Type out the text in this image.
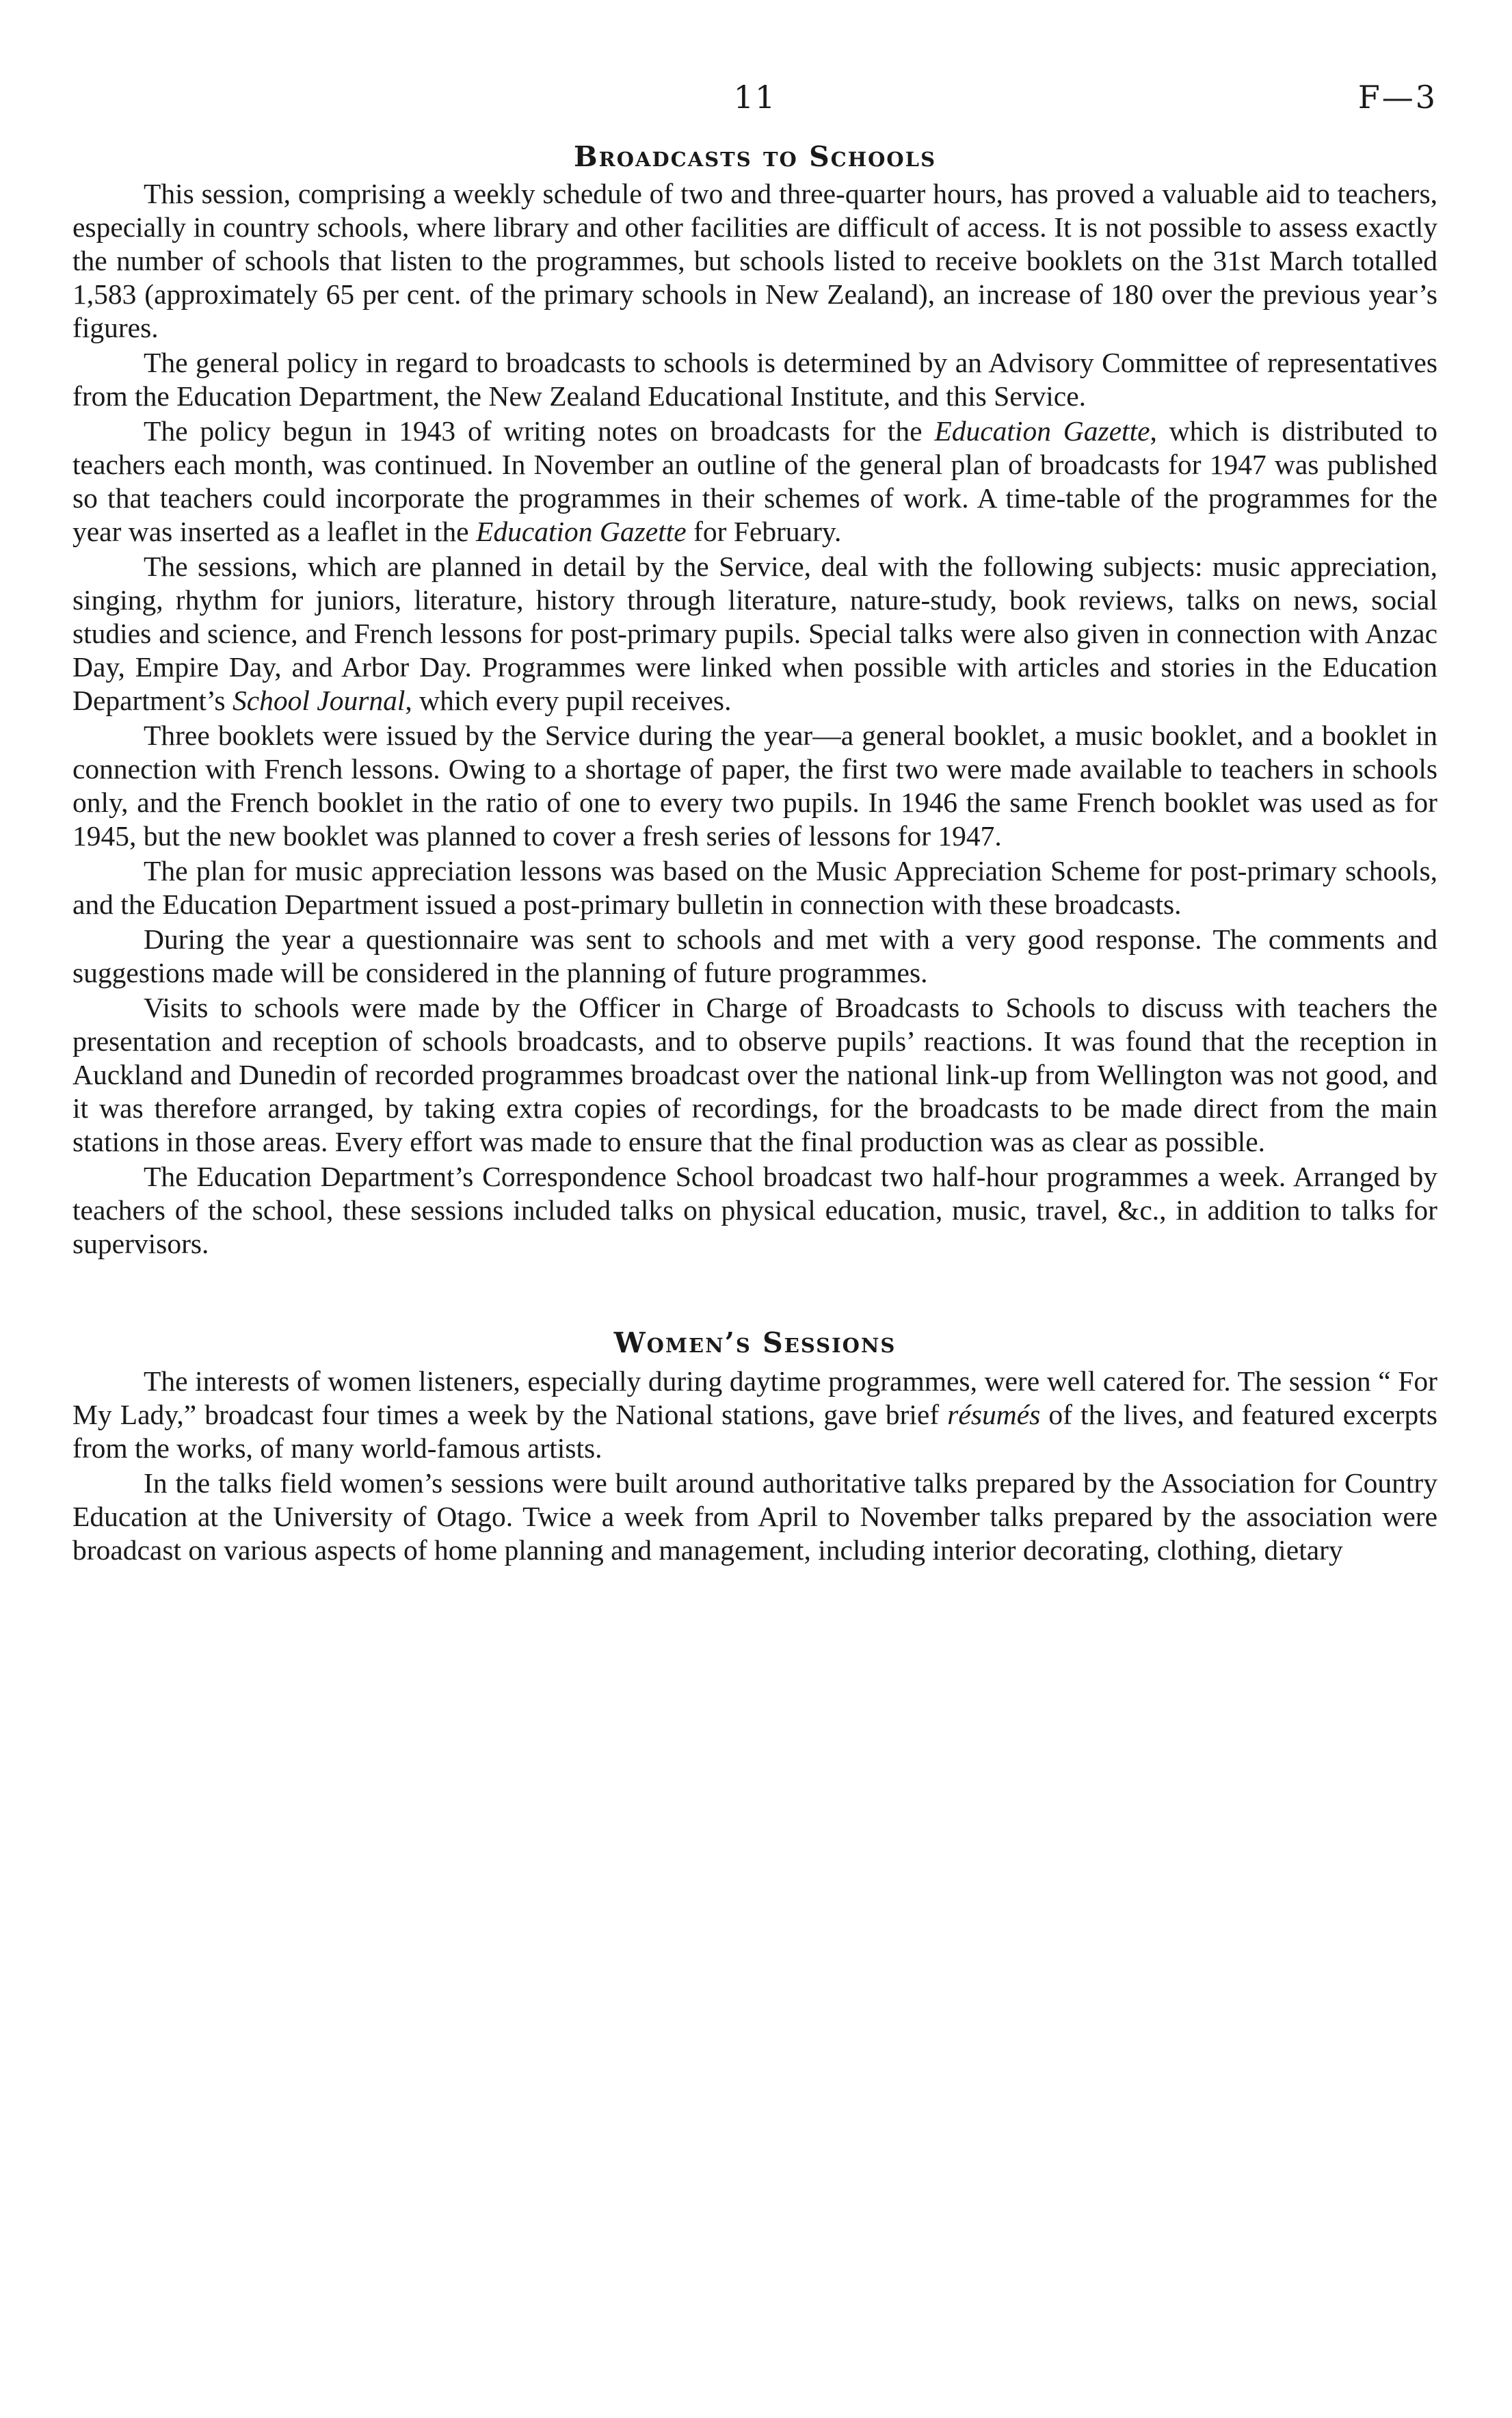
11	F—3
Broadcasts to Schools

This session, comprising a weekly schedule of two and three-quarter hours, has proved a valuable aid to teachers, especially in country schools, where library and other facilities are difficult of access. It is not possible to assess exactly the number of schools that listen to the programmes, but schools listed to receive booklets on the 31st March totalled 1,583 (approximately 65 per cent. of the primary schools in New Zealand), an increase of 180 over the previous year’s figures.

The general policy in regard to broadcasts to schools is determined by an Advisory Committee of representatives from the Education Department, the New Zealand Educational Institute, and this Service.

The policy begun in 1943 of writing notes on broadcasts for the Education Gazette, which is distributed to teachers each month, was continued. In November an outline of the general plan of broadcasts for 1947 was published so that teachers could incorporate the programmes in their schemes of work. A time-table of the programmes for the year was inserted as a leaflet in the Education Gazette for February.

The sessions, which are planned in detail by the Service, deal with the following subjects: music appreciation, singing, rhythm for juniors, literature, history through literature, nature-study, book reviews, talks on news, social studies and science, and French lessons for post-primary pupils. Special talks were also given in connection with Anzac Day, Empire Day, and Arbor Day. Programmes were linked when possible with articles and stories in the Education Department’s School Journal, which every pupil receives.

Three booklets were issued by the Service during the year—a general booklet, a music booklet, and a booklet in connection with French lessons. Owing to a shortage of paper, the first two were made available to teachers in schools only, and the French booklet in the ratio of one to every two pupils. In 1946 the same French booklet was used as for 1945, but the new booklet was planned to cover a fresh series of lessons for 1947.

The plan for music appreciation lessons was based on the Music Appreciation Scheme for post-primary schools, and the Education Department issued a post-primary bulletin in connection with these broadcasts.

During the year a questionnaire was sent to schools and met with a very good response. The comments and suggestions made will be considered in the planning of future programmes.

Visits to schools were made by the Officer in Charge of Broadcasts to Schools to discuss with teachers the presentation and reception of schools broadcasts, and to observe pupils’ reactions. It was found that the reception in Auckland and Dunedin of recorded programmes broadcast over the national link-up from Wellington was not good, and it was therefore arranged, by taking extra copies of recordings, for the broadcasts to be made direct from the main stations in those areas. Every effort was made to ensure that the final production was as clear as possible.

The Education Department’s Correspondence School broadcast two half-hour programmes a week. Arranged by teachers of the school, these sessions included talks on physical education, music, travel, &c., in addition to talks for supervisors.

Women’s Sessions

The interests of women listeners, especially during daytime programmes, were well catered for. The session “ For My Lady,” broadcast four times a week by the National stations, gave brief résumés of the lives, and featured excerpts from the works, of many world-famous artists.

In the talks field women’s sessions were built around authoritative talks prepared by the Association for Country Education at the University of Otago. Twice a week from April to November talks prepared by the association were broadcast on various aspects of home planning and management, including interior decorating, clothing, dietary
